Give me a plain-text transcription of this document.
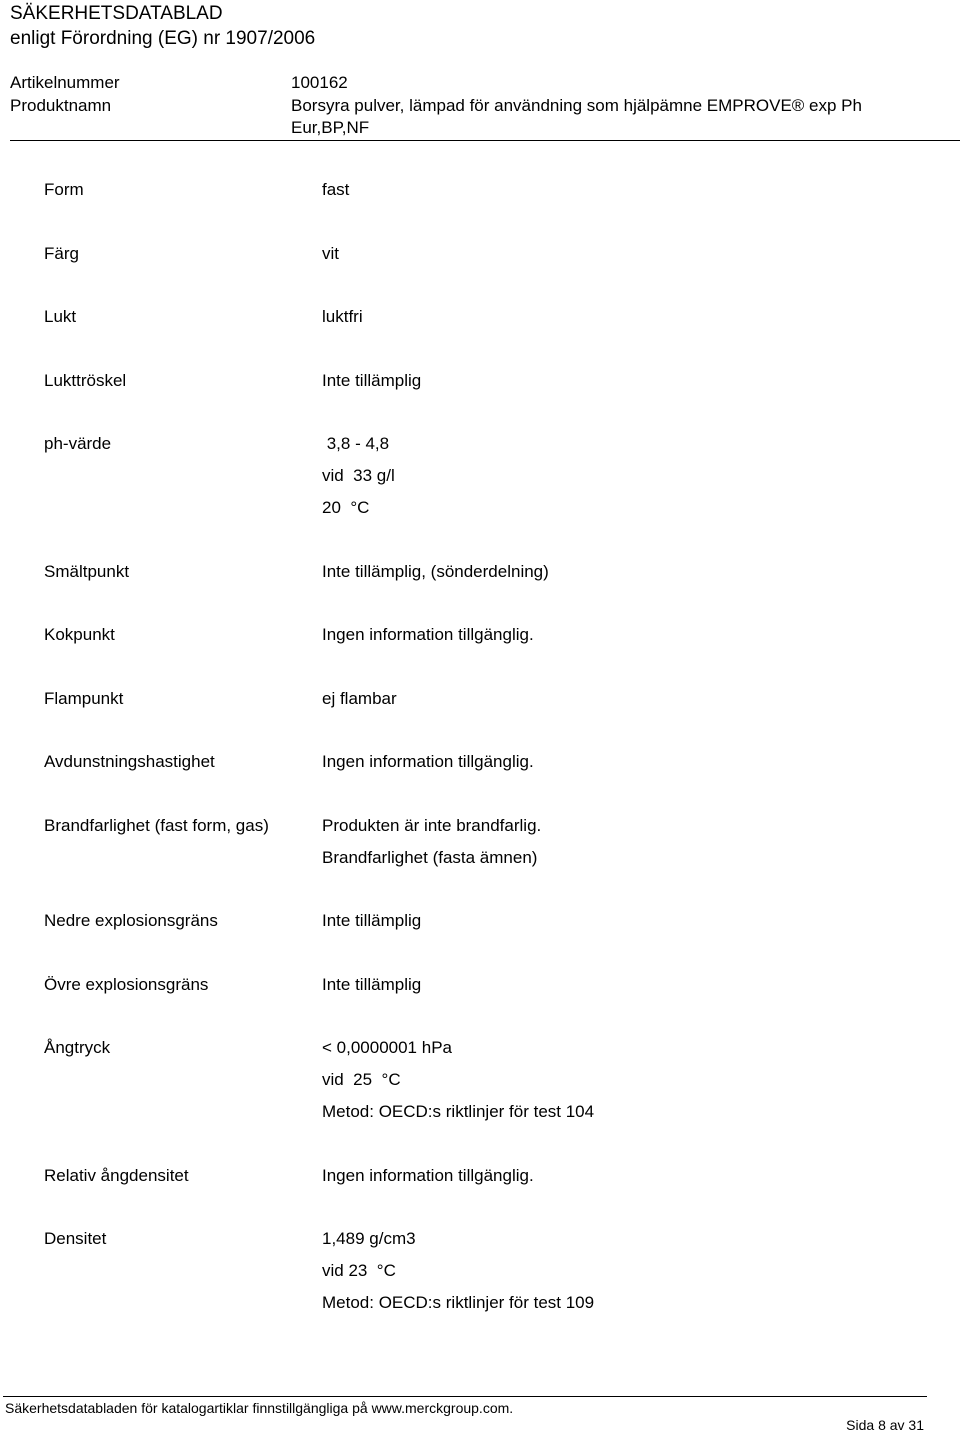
SÄKERHETSDATABLAD
enligt Förordning (EG) nr 1907/2006
Artikelnummer	100162
Produktnamn	Borsyra pulver, lämpad för användning som hjälpämne EMPROVE® exp Ph Eur,BP,NF
Form	fast
Färg	vit
Lukt	luktfri
Lukttröskel	Inte tillämplig
ph-värde	3,8 - 4,8
vid  33 g/l
20  °C
Smältpunkt	Inte tillämplig, (sönderdelning)
Kokpunkt	Ingen information tillgänglig.
Flampunkt	ej flambar
Avdunstningshastighet	Ingen information tillgänglig.
Brandfarlighet (fast form, gas)	Produkten är inte brandfarlig.
Brandfarlighet (fasta ämnen)
Nedre explosionsgräns	Inte tillämplig
Övre explosionsgräns	Inte tillämplig
Ångtryck	< 0,0000001 hPa
vid  25  °C
Metod: OECD:s riktlinjer för test 104
Relativ ångdensitet	Ingen information tillgänglig.
Densitet	1,489 g/cm3
vid 23  °C
Metod: OECD:s riktlinjer för test 109
Säkerhetsdatabladen för katalogartiklar finnstillgängliga på www.merckgroup.com.
Sida 8 av 31
